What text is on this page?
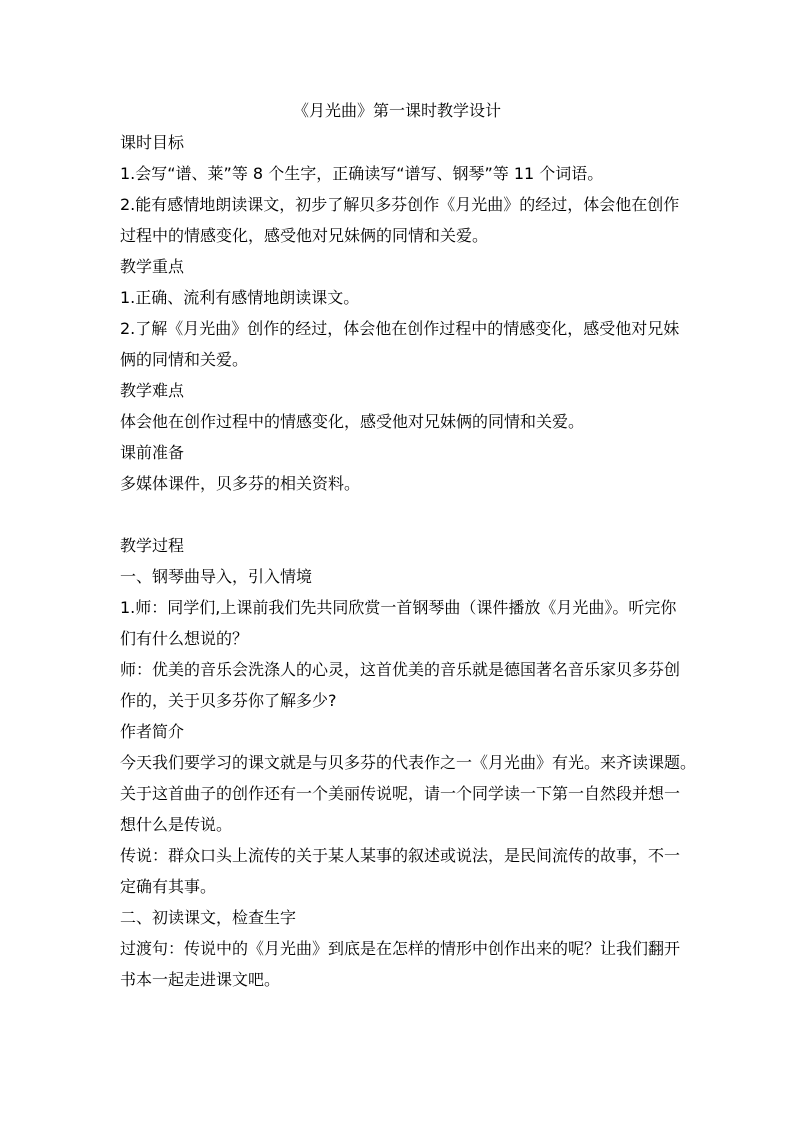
《月光曲》第一课时教学设计
课时目标
1.会写“谱、莱”等 8 个生字，正确读写“谱写、钢琴”等 11 个词语。
2.能有感情地朗读课文，初步了解贝多芬创作《月光曲》的经过，体会他在创作
过程中的情感变化，感受他对兄妹俩的同情和关爱。
教学重点
1.正确、流利有感情地朗读课文。
2.了解《月光曲》创作的经过，体会他在创作过程中的情感变化，感受他对兄妹
俩的同情和关爱。
教学难点
体会他在创作过程中的情感变化，感受他对兄妹俩的同情和关爱。
课前准备
多媒体课件，贝多芬的相关资料。
教学过程
一、钢琴曲导入，引入情境
1.师：同学们,上课前我们先共同欣赏一首钢琴曲（课件播放《月光曲》。听完你
们有什么想说的？
师：优美的音乐会洗涤人的心灵，这首优美的音乐就是德国著名音乐家贝多芬创
作的，关于贝多芬你了解多少?
作者简介
今天我们要学习的课文就是与贝多芬的代表作之一《月光曲》有光。来齐读课题。
关于这首曲子的创作还有一个美丽传说呢，请一个同学读一下第一自然段并想一
想什么是传说。
传说：群众口头上流传的关于某人某事的叙述或说法，是民间流传的故事，不一
定确有其事。
二、初读课文，检查生字
过渡句：传说中的《月光曲》到底是在怎样的情形中创作出来的呢？让我们翻开
书本一起走进课文吧。
